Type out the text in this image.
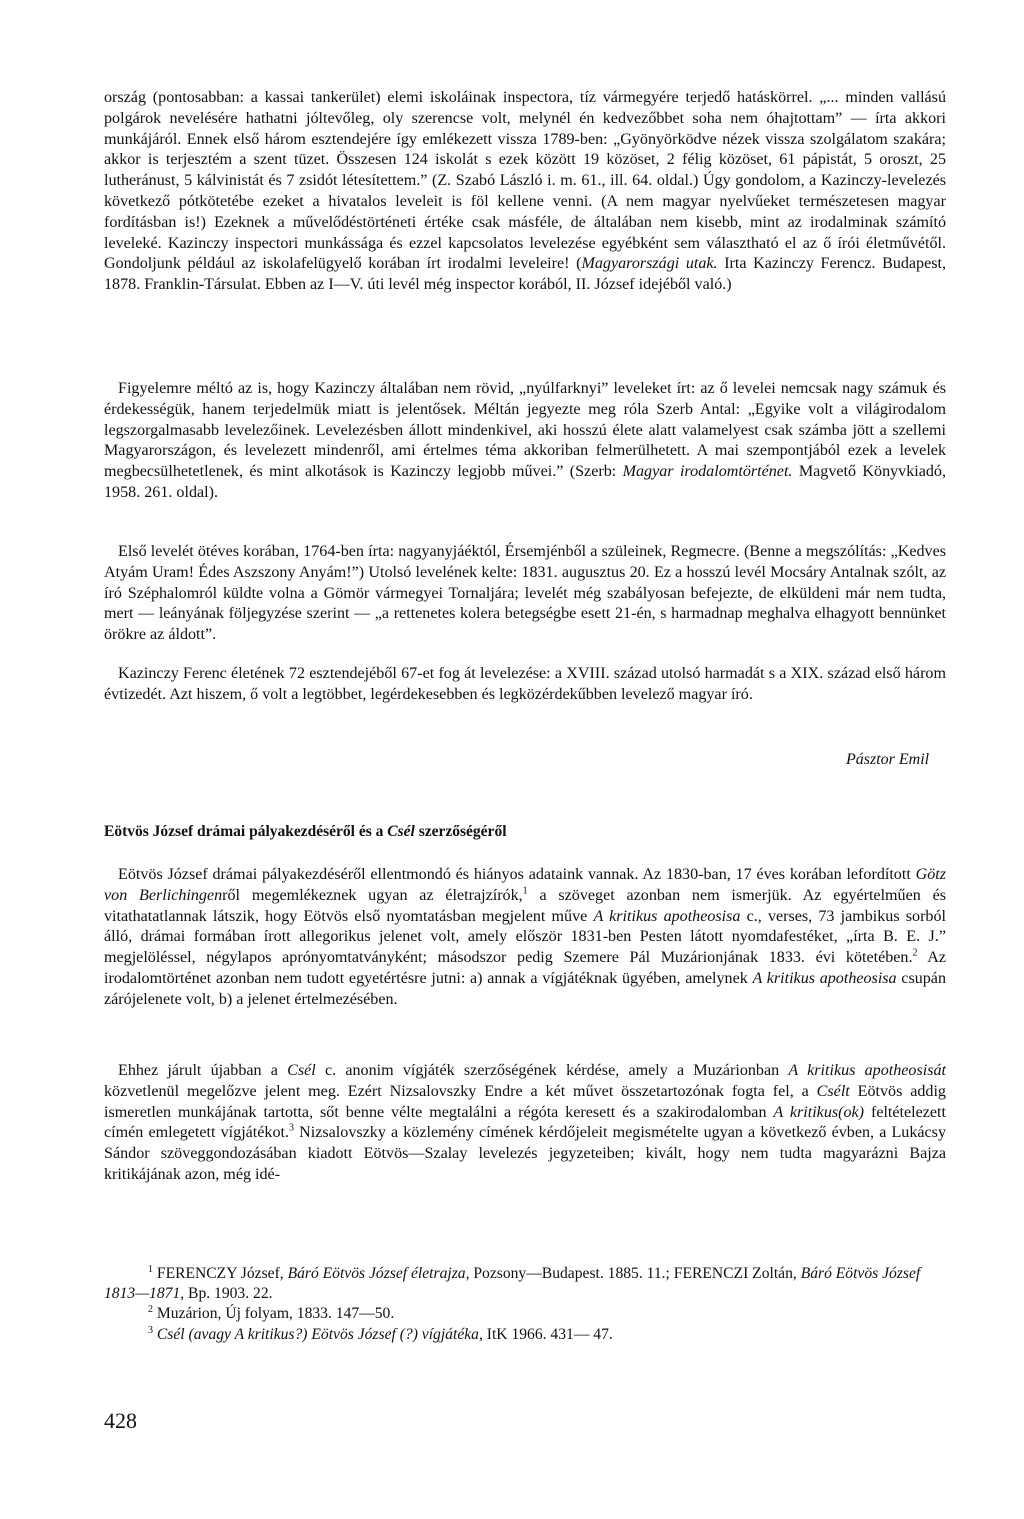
ország (pontosabban: a kassai tankerület) elemi iskoláinak inspectora, tíz vármegyére terjedő hatáskörrel. „... minden vallású polgárok nevelésére hathatni jóltevőleg, oly szerencse volt, melynél én kedvezőbbet soha nem óhajtottam” — írta akkori munkájáról. Ennek első három esztendejére így emlékezett vissza 1789-ben: „Gyönyörködve nézek vissza szolgálatom szakára; akkor is terjesztém a szent tüzet. Összesen 124 iskolát s ezek között 19 közöset, 2 félig közöset, 61 pápistát, 5 oroszt, 25 lutheránust, 5 kálvinistát és 7 zsidót létesítettem.” (Z. Szabó László i. m. 61., ill. 64. oldal.) Úgy gondolom, a Kazinczy-levelezés következő pótkötetébe ezeket a hivatalos leveleit is föl kellene venni. (A nem magyar nyelvűeket természetesen magyar fordításban is!) Ezeknek a művelődéstörténeti értéke csak másféle, de általában nem kisebb, mint az irodalminak számító leveleké. Kazinczy inspectori munkássága és ezzel kapcsolatos levelezése egyébként sem választható el az ő írói életművétől. Gondoljunk például az iskolafelügyelő korában írt irodalmi leveleire! (Magyarországi utak. Irta Kazinczy Ferencz. Budapest, 1878. Franklin-Társulat. Ebben az I—V. úti levél még inspector korából, II. József idejéből való.)

Figyelemre méltó az is, hogy Kazinczy általában nem rövid, „nyúlfarknyi” leveleket írt: az ő levelei nemcsak nagy számuk és érdekességük, hanem terjedelmük miatt is jelentősek. Méltán jegyezte meg róla Szerb Antal: „Egyike volt a világirodalom legszorgalmasabb levelezőinek. Levelezésben állott mindenkivel, aki hosszú élete alatt valamelyest csak számba jött a szellemi Magyarországon, és levelezett mindenről, ami értelmes téma akkoriban felmerülhetett. A mai szempontjából ezek a levelek megbecsülhetetlenek, és mint alkotások is Kazinczy legjobb művei.” (Szerb: Magyar irodalomtörténet. Magvető Könyvkiadó, 1958. 261. oldal).

Első levelét ötéves korában, 1764-ben írta: nagyanyjáéktól, Érsemjénből a szüleinek, Regmecre. (Benne a megszólítás: „Kedves Atyám Uram! Édes Aszszony Anyám!”) Utolsó levelének kelte: 1831. augusztus 20. Ez a hosszú levél Mocsáry Antalnak szólt, az író Széphalomról küldte volna a Gömör vármegyei Tornaljára; levelét még szabályosan befejezte, de elküldeni már nem tudta, mert — leányának följegyzése szerint — „a rettenetes kolera betegségbe esett 21-én, s harmadnap meghalva elhagyott bennünket örökre az áldott”.

Kazinczy Ferenc életének 72 esztendejéből 67-et fog át levelezése: a XVIII. század utolsó harmadát s a XIX. század első három évtizedét. Azt hiszem, ő volt a legtöbbet, legérdekesebben és legközérdekűbben levelező magyar író.

Pásztor Emil
Eötvös József drámai pályakezdéséről és a Csél szerzőségéről

Eötvös József drámai pályakezdéséről ellentmondó és hiányos adataink vannak. Az 1830-ban, 17 éves korában lefordított Götz von Berlichingenről megemlékeznek ugyan az életrajzírók,$^1$ a szöveget azonban nem ismerjük. Az egyértelműen és vitathatatlannak látszik, hogy Eötvös első nyomtatásban megjelent műve A kritikus apotheosisa c., verses, 73 jambikus sorból álló, drámai formában írott allegorikus jelenet volt, amely először 1831-ben Pesten látott nyomdafestéket, „írta B. E. J.” megjelöléssel, négylapos aprónyomtatványként; másodszor pedig Szemere Pál Muzárionjának 1833. évi kötetében.$^2$ Az irodalomtörténet azonban nem tudott egyetértésre jutni: a) annak a vígjátéknak ügyében, amelynek A kritikus apotheosisa csupán zárójelenete volt, b) a jelenet értelmezésében.

Ehhez járult újabban a Csél c. anonim vígjáték szerzőségének kérdése, amely a Muzárionban A kritikus apotheosisát közvetlenül megelőzve jelent meg. Ezért Nizsalovszky Endre a két művet összetartozónak fogta fel, a Csélt Eötvös addig ismeretlen munkájának tartotta, sőt benne vélte megtalálni a régóta keresett és a szakirodalomban A kritikus(ok) feltételezett címén emlegetett vígjátékot.$^3$ Nizsalovszky a közlemény címének kérdőjeleit megismételte ugyan a következő évben, a Lukácsy Sándor szöveggondozásában kiadott Eötvös—Szalay levelezés jegyzeteiben; kivált, hogy nem tudta magyarázni Bajza kritikájának azon, még idé-

$^1$ FERENCZY József, Báró Eötvös József életrajza, Pozsony—Budapest. 1885. 11.; FERENCZI Zoltán, Báró Eötvös József 1813—1871, Bp. 1903. 22.

$^2$ Muzárion, Új folyam, 1833. 147—50.

$^3$ Csél (avagy A kritikus?) Eötvös József (?) vígjátéka, ItK 1966. 431— 47.

428
